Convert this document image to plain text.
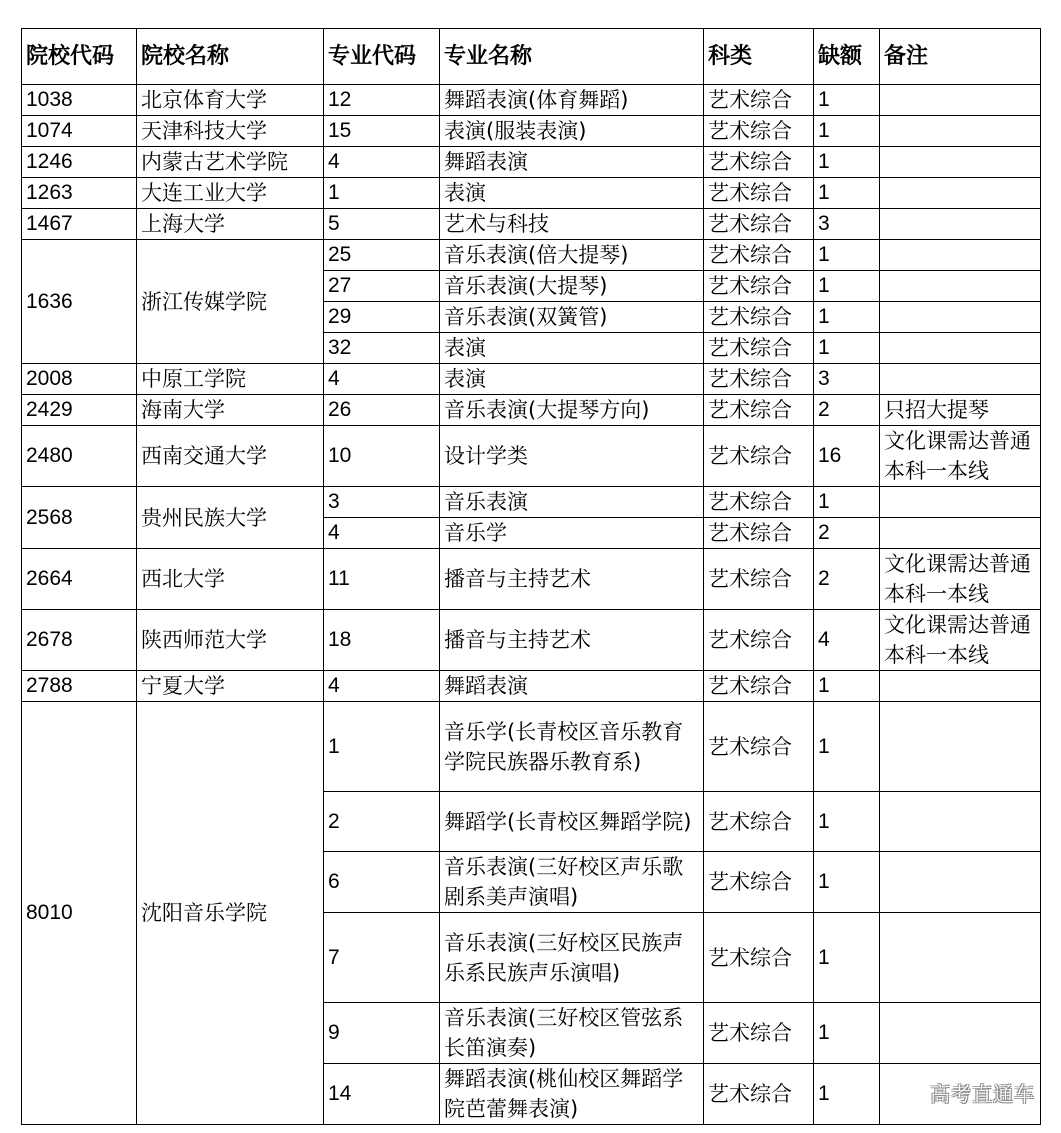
院校代码	院校名称	专业代码	专业名称	科类	缺额	备注
1038	北京体育大学	12	舞蹈表演(体育舞蹈)	艺术综合	1	
1074	天津科技大学	15	表演(服装表演)	艺术综合	1	
1246	内蒙古艺术学院	4	舞蹈表演	艺术综合	1	
1263	大连工业大学	1	表演	艺术综合	1	
1467	上海大学	5	艺术与科技	艺术综合	3	
1636	浙江传媒学院	25	音乐表演(倍大提琴)	艺术综合	1	
		27	音乐表演(大提琴)	艺术综合	1	
		29	音乐表演(双簧管)	艺术综合	1	
		32	表演	艺术综合	1	
2008	中原工学院	4	表演	艺术综合	3	
2429	海南大学	26	音乐表演(大提琴方向)	艺术综合	2	只招大提琴
2480	西南交通大学	10	设计学类	艺术综合	16	文化课需达普通本科一本线
2568	贵州民族大学	3	音乐表演	艺术综合	1	
		4	音乐学	艺术综合	2	
2664	西北大学	11	播音与主持艺术	艺术综合	2	文化课需达普通本科一本线
2678	陕西师范大学	18	播音与主持艺术	艺术综合	4	文化课需达普通本科一本线
2788	宁夏大学	4	舞蹈表演	艺术综合	1	
8010	沈阳音乐学院	1	音乐学(长青校区音乐教育学院民族器乐教育系)	艺术综合	1	
		2	舞蹈学(长青校区舞蹈学院)	艺术综合	1	
		6	音乐表演(三好校区声乐歌剧系美声演唱)	艺术综合	1	
		7	音乐表演(三好校区民族声乐系民族声乐演唱)	艺术综合	1	
		9	音乐表演(三好校区管弦系长笛演奏)	艺术综合	1	
		14	舞蹈表演(桃仙校区舞蹈学院芭蕾舞表演)	艺术综合	1		高考直通车
